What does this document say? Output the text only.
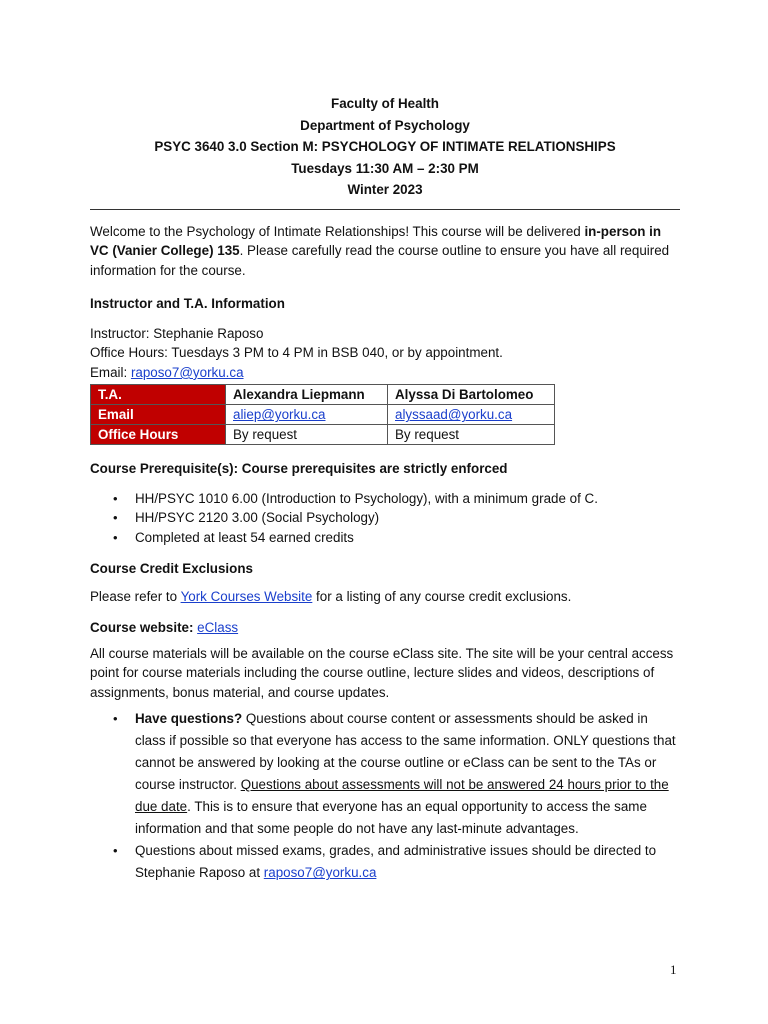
Faculty of Health
Department of Psychology
PSYC 3640 3.0 Section M: PSYCHOLOGY OF INTIMATE RELATIONSHIPS
Tuesdays 11:30 AM – 2:30 PM
Winter 2023

Welcome to the Psychology of Intimate Relationships! This course will be delivered in-person in VC (Vanier College) 135. Please carefully read the course outline to ensure you have all required information for the course.

Instructor and T.A. Information

Instructor: Stephanie Raposo
Office Hours: Tuesdays 3 PM to 4 PM in BSB 040, or by appointment.
Email: raposo7@yorku.ca
T.A.	Alexandra Liepmann	Alyssa Di Bartolomeo
Email	aliep@yorku.ca	alyssaad@yorku.ca
Office Hours	By request	By request

Course Prerequisite(s): Course prerequisites are strictly enforced

• HH/PSYC 1010 6.00 (Introduction to Psychology), with a minimum grade of C.
• HH/PSYC 2120 3.00 (Social Psychology)
• Completed at least 54 earned credits

Course Credit Exclusions

Please refer to York Courses Website for a listing of any course credit exclusions.

Course website: eClass

All course materials will be available on the course eClass site. The site will be your central access point for course materials including the course outline, lecture slides and videos, descriptions of assignments, bonus material, and course updates.

• Have questions? Questions about course content or assessments should be asked in class if possible so that everyone has access to the same information. ONLY questions that cannot be answered by looking at the course outline or eClass can be sent to the TAs or course instructor. Questions about assessments will not be answered 24 hours prior to the due date. This is to ensure that everyone has an equal opportunity to access the same information and that some people do not have any last-minute advantages.
• Questions about missed exams, grades, and administrative issues should be directed to Stephanie Raposo at raposo7@yorku.ca
1
